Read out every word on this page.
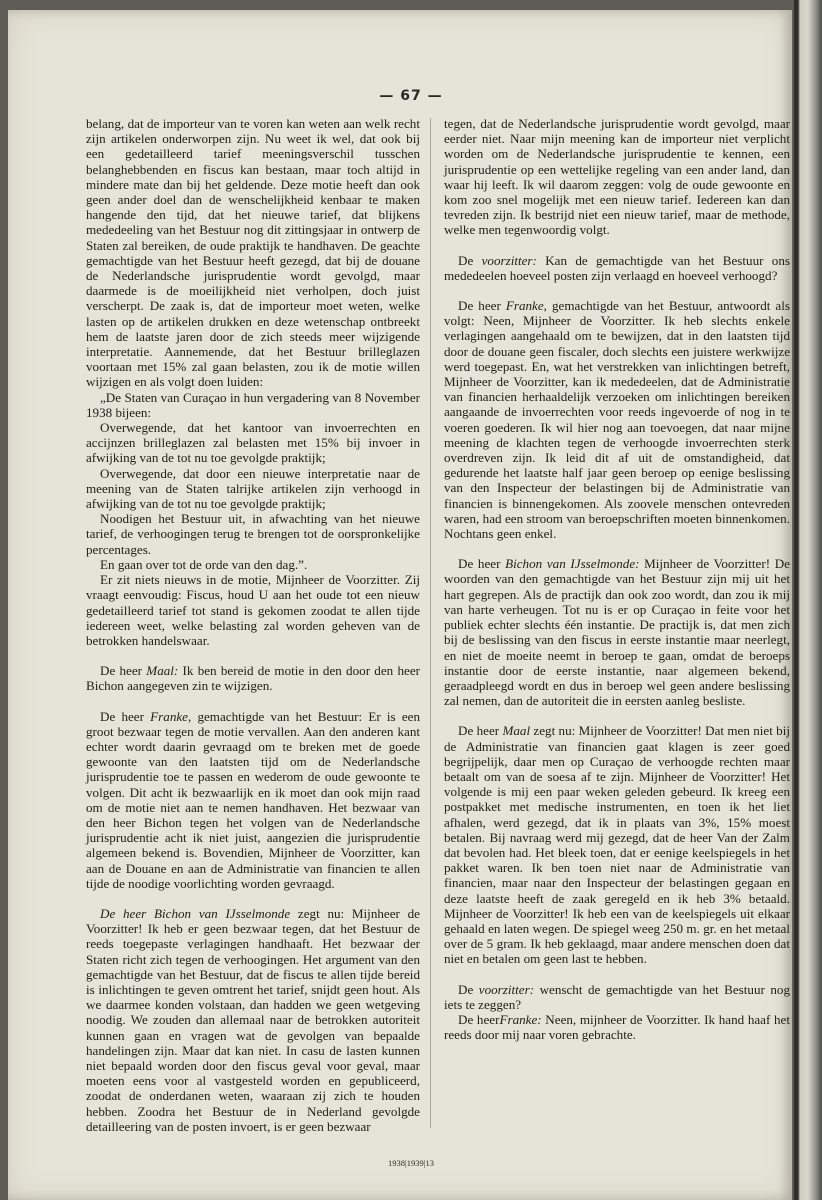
— 67 —

belang, dat de importeur van te voren kan weten aan welk recht zijn artikelen onderworpen zijn. Nu weet ik wel, dat ook bij een gedetailleerd tarief meeningsverschil tusschen belanghebbenden en fiscus kan bestaan, maar toch altijd in mindere mate dan bij het geldende. Deze motie heeft dan ook geen ander doel dan de wenschelijkheid kenbaar te maken hangende den tijd, dat het nieuwe tarief, dat blijkens mededeeling van het Bestuur nog dit zittingsjaar in ontwerp de Staten zal bereiken, de oude praktijk te handhaven. De geachte gemachtigde van het Bestuur heeft gezegd, dat bij de douane de Nederlandsche jurisprudentie wordt gevolgd, maar daarmede is de moeilijkheid niet verholpen, doch juist verscherpt. De zaak is, dat de importeur moet weten, welke lasten op de artikelen drukken en deze wetenschap ontbreekt hem de laatste jaren door de zich steeds meer wijzigende interpretatie. Aannemende, dat het Bestuur brilleglazen voortaan met 15% zal gaan belasten, zou ik de motie willen wijzigen en als volgt doen luiden:

„De Staten van Curaçao in hun vergadering van 8 November 1938 bijeen:

Overwegende, dat het kantoor van invoerrechten en accijnzen brilleglazen zal belasten met 15% bij invoer in afwijking van de tot nu toe gevolgde praktijk;

Overwegende, dat door een nieuwe interpretatie naar de meening van de Staten talrijke artikelen zijn verhoogd in afwijking van de tot nu toe gevolgde praktijk;

Noodigen het Bestuur uit, in afwachting van het nieuwe tarief, de verhoogingen terug te brengen tot de oorspronkelijke percentages.

En gaan over tot de orde van den dag.”.

Er zit niets nieuws in de motie, Mijnheer de Voorzitter. Zij vraagt eenvoudig: Fiscus, houd U aan het oude tot een nieuw gedetailleerd tarief tot stand is gekomen zoodat te allen tijde iedereen weet, welke belasting zal worden geheven van de betrokken handelswaar.

De heer Maal: Ik ben bereid de motie in den door den heer Bichon aangegeven zin te wijzigen.

De heer Franke, gemachtigde van het Bestuur: Er is een groot bezwaar tegen de motie vervallen. Aan den anderen kant echter wordt daarin gevraagd om te breken met de goede gewoonte van den laatsten tijd om de Nederlandsche jurisprudentie toe te passen en wederom de oude gewoonte te volgen. Dit acht ik bezwaarlijk en ik moet dan ook mijn raad om de motie niet aan te nemen handhaven. Het bezwaar van den heer Bichon tegen het volgen van de Nederlandsche jurisprudentie acht ik niet juist, aangezien die jurisprudentie algemeen bekend is. Bovendien, Mijnheer de Voorzitter, kan aan de Douane en aan de Administratie van financien te allen tijde de noodige voorlichting worden gevraagd.

De heer Bichon van IJsselmonde zegt nu: Mijnheer de Voorzitter! Ik heb er geen bezwaar tegen, dat het Bestuur de reeds toegepaste verlagingen handhaaft. Het bezwaar der Staten richt zich tegen de verhoogingen. Het argument van den gemachtigde van het Bestuur, dat de fiscus te allen tijde bereid is inlichtingen te geven omtrent het tarief, snijdt geen hout. Als we daarmee konden volstaan, dan hadden we geen wetgeving noodig. We zouden dan allemaal naar de betrokken autoriteit kunnen gaan en vragen wat de gevolgen van bepaalde handelingen zijn. Maar dat kan niet. In casu de lasten kunnen niet bepaald worden door den fiscus geval voor geval, maar moeten eens voor al vastgesteld worden en gepubliceerd, zoodat de onderdanen weten, waaraan zij zich te houden hebben. Zoodra het Bestuur de in Nederland gevolgde detailleering van de posten invoert, is er geen bezwaar

tegen, dat de Nederlandsche jurisprudentie wordt gevolgd, maar eerder niet. Naar mijn meening kan de importeur niet verplicht worden om de Nederlandsche jurisprudentie te kennen, een jurisprudentie op een wettelijke regeling van een ander land, dan waar hij leeft. Ik wil daarom zeggen: volg de oude gewoonte en kom zoo snel mogelijk met een nieuw tarief. Iedereen kan dan tevreden zijn. Ik bestrijd niet een nieuw tarief, maar de methode, welke men tegenwoordig volgt.

De voorzitter: Kan de gemachtigde van het Bestuur ons mededeelen hoeveel posten zijn verlaagd en hoeveel verhoogd?

De heer Franke, gemachtigde van het Bestuur, antwoordt als volgt: Neen, Mijnheer de Voorzitter. Ik heb slechts enkele verlagingen aangehaald om te bewijzen, dat in den laatsten tijd door de douane geen fiscaler, doch slechts een juistere werkwijze werd toegepast. En, wat het verstrekken van inlichtingen betreft, Mijnheer de Voorzitter, kan ik mededeelen, dat de Administratie van financien herhaaldelijk verzoeken om inlichtingen bereiken aangaande de invoerrechten voor reeds ingevoerde of nog in te voeren goederen. Ik wil hier nog aan toevoegen, dat naar mijne meening de klachten tegen de verhoogde invoerrechten sterk overdreven zijn. Ik leid dit af uit de omstandigheid, dat gedurende het laatste half jaar geen beroep op eenige beslissing van den Inspecteur der belastingen bij de Administratie van financien is binnengekomen. Als zoovele menschen ontevreden waren, had een stroom van beroepschriften moeten binnenkomen. Nochtans geen enkel.

De heer Bichon van IJsselmonde: Mijnheer de Voorzitter! De woorden van den gemachtigde van het Bestuur zijn mij uit het hart gegrepen. Als de practijk dan ook zoo wordt, dan zou ik mij van harte verheugen. Tot nu is er op Curaçao in feite voor het publiek echter slechts één instantie. De practijk is, dat men zich bij de beslissing van den fiscus in eerste instantie maar neerlegt, en niet de moeite neemt in beroep te gaan, omdat de beroeps instantie door de eerste instantie, naar algemeen bekend, geraadpleegd wordt en dus in beroep wel geen andere beslissing zal nemen, dan de autoriteit die in eersten aanleg besliste.

De heer Maal zegt nu: Mijnheer de Voorzitter! Dat men niet bij de Administratie van financien gaat klagen is zeer goed begrijpelijk, daar men op Curaçao de verhoogde rechten maar betaalt om van de soesa af te zijn. Mijnheer de Voorzitter! Het volgende is mij een paar weken geleden gebeurd. Ik kreeg een postpakket met medische instrumenten, en toen ik het liet afhalen, werd gezegd, dat ik in plaats van 3%, 15% moest betalen. Bij navraag werd mij gezegd, dat de heer Van der Zalm dat bevolen had. Het bleek toen, dat er eenige keelspiegels in het pakket waren. Ik ben toen niet naar de Administratie van financien, maar naar den Inspecteur der belastingen gegaan en deze laatste heeft de zaak geregeld en ik heb 3% betaald. Mijnheer de Voorzitter! Ik heb een van de keelspiegels uit elkaar gehaald en laten wegen. De spiegel weeg 250 m. gr. en het metaal over de 5 gram. Ik heb geklaagd, maar andere menschen doen dat niet en betalen om geen last te hebben.

De voorzitter: wenscht de gemachtigde van het Bestuur nog iets te zeggen?

De heerFranke: Neen, mijnheer de Voorzitter. Ik hand haaf het reeds door mij naar voren gebrachte.

1938|1939|13
